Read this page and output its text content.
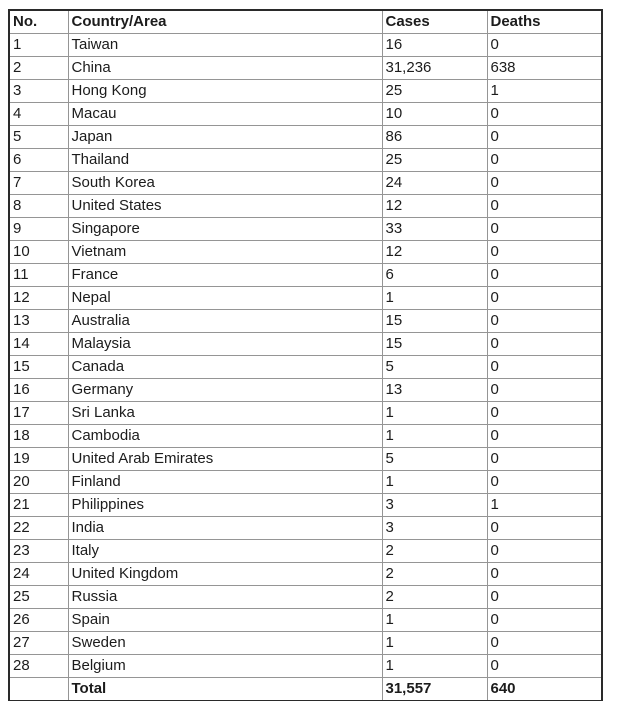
No.	Country/Area	Cases	Deaths
1	Taiwan	16	0
2	China	31,236	638
3	Hong Kong	25	1
4	Macau	10	0
5	Japan	86	0
6	Thailand	25	0
7	South Korea	24	0
8	United States	12	0
9	Singapore	33	0
10	Vietnam	12	0
11	France	6	0
12	Nepal	1	0
13	Australia	15	0
14	Malaysia	15	0
15	Canada	5	0
16	Germany	13	0
17	Sri Lanka	1	0
18	Cambodia	1	0
19	United Arab Emirates	5	0
20	Finland	1	0
21	Philippines	3	1
22	India	3	0
23	Italy	2	0
24	United Kingdom	2	0
25	Russia	2	0
26	Spain	1	0
27	Sweden	1	0
28	Belgium	1	0
	Total	31,557	640
